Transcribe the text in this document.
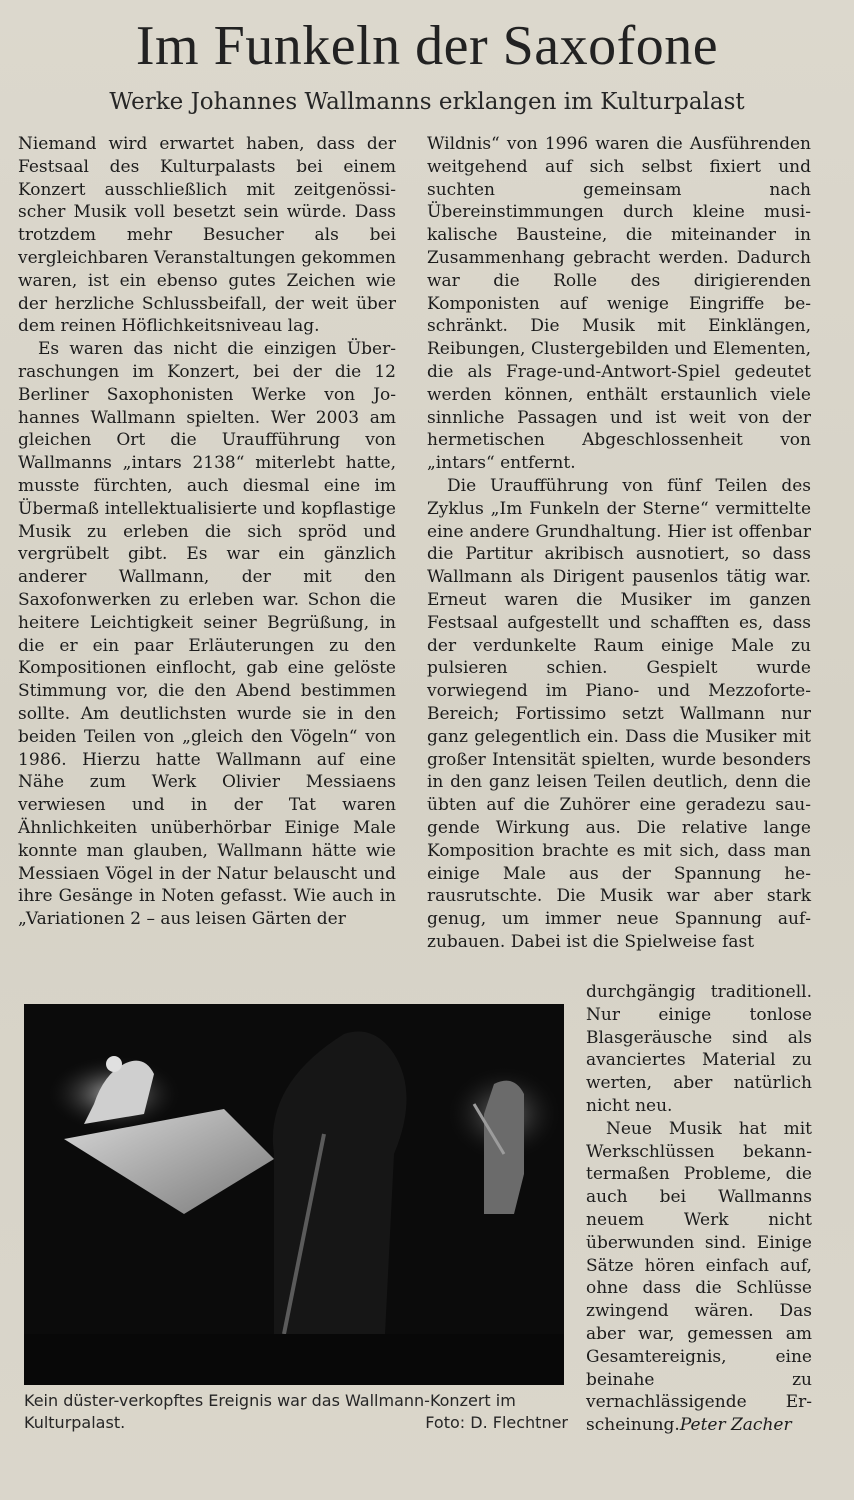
Im Funkeln der Saxofone
Werke Johannes Wallmanns erklangen im Kulturpalast

Niemand wird erwartet haben, dass der Festsaal des Kulturpalasts bei einem Konzert ausschließlich mit zeitgenössischer Musik voll besetzt sein würde. Dass trotzdem mehr Besucher als bei vergleichbaren Veranstaltungen gekommen waren, ist ein ebenso gutes Zeichen wie der herzliche Schlussbeifall, der weit über dem reinen Höflichkeitsniveau lag.

Es waren das nicht die einzigen Überraschungen im Konzert, bei der die 12 Berliner Saxophonisten Werke von Johannes Wallmann spielten. Wer 2003 am gleichen Ort die Uraufführung von Wallmanns „intars 2138“ miterlebt hatte, musste fürchten, auch diesmal eine im Übermaß intellektualisierte und kopflastige Musik zu erleben die sich spröd und vergrübelt gibt. Es war ein gänzlich anderer Wallmann, der mit den Saxofonwerken zu erleben war. Schon die heitere Leichtigkeit seiner Begrüßung, in die er ein paar Erläuterungen zu den Kompositionen einflocht, gab eine gelöste Stimmung vor, die den Abend bestimmen sollte. Am deutlichsten wurde sie in den beiden Teilen von „gleich den Vögeln“ von 1986. Hierzu hatte Wallmann auf eine Nähe zum Werk Olivier Messiaens verwiesen und in der Tat waren Ähnlichkeiten unüberhörbar Einige Male konnte man glauben, Wallmann hätte wie Messiaen Vögel in der Natur belauscht und ihre Gesänge in Noten gefasst. Wie auch in „Variationen 2 – aus leisen Gärten der

Wildnis“ von 1996 waren die Ausführenden weitgehend auf sich selbst fixiert und suchten gemeinsam nach Übereinstimmungen durch kleine musikalische Bausteine, die miteinander in Zusammenhang gebracht werden. Dadurch war die Rolle des dirigierenden Komponisten auf wenige Eingriffe beschränkt. Die Musik mit Einklängen, Reibungen, Clustergebilden und Elementen, die als Frage-und-Antwort-Spiel gedeutet werden können, enthält erstaunlich viele sinnliche Passagen und ist weit von der hermetischen Abgeschlossenheit von „intars“ entfernt.

Die Uraufführung von fünf Teilen des Zyklus „Im Funkeln der Sterne“ vermittelte eine andere Grundhaltung. Hier ist offenbar die Partitur akribisch ausnotiert, so dass Wallmann als Dirigent pausenlos tätig war. Erneut waren die Musiker im ganzen Festsaal aufgestellt und schafften es, dass der verdunkelte Raum einige Male zu pulsieren schien. Gespielt wurde vorwiegend im Piano- und Mezzoforte-Bereich; Fortissimo setzt Wallmann nur ganz gelegentlich ein. Dass die Musiker mit großer Intensität spielten, wurde besonders in den ganz leisen Teilen deutlich, denn die übten auf die Zuhörer eine geradezu saugende Wirkung aus. Die relative lange Komposition brachte es mit sich, dass man einige Male aus der Spannung herausrutschte. Die Musik war aber stark genug, um immer neue Spannung aufzubauen. Dabei ist die Spielweise fast

durchgängig traditionell. Nur einige tonlose Blasgeräusche sind als avanciertes Material zu werten, aber natürlich nicht neu.

Neue Musik hat mit Werkschlüssen bekanntermaßen Probleme, die auch bei Wallmanns neuem Werk nicht überwunden sind. Einige Sätze hören einfach auf, ohne dass die Schlüsse zwingend wären. Das aber war, gemessen am Gesamtereignis, eine beinahe zu vernachlässigende Erscheinung.Peter Zacher

Kein düster-verkopftes Ereignis war das Wallmann-Konzert im Kulturpalast.	Foto: D. Flechtner
